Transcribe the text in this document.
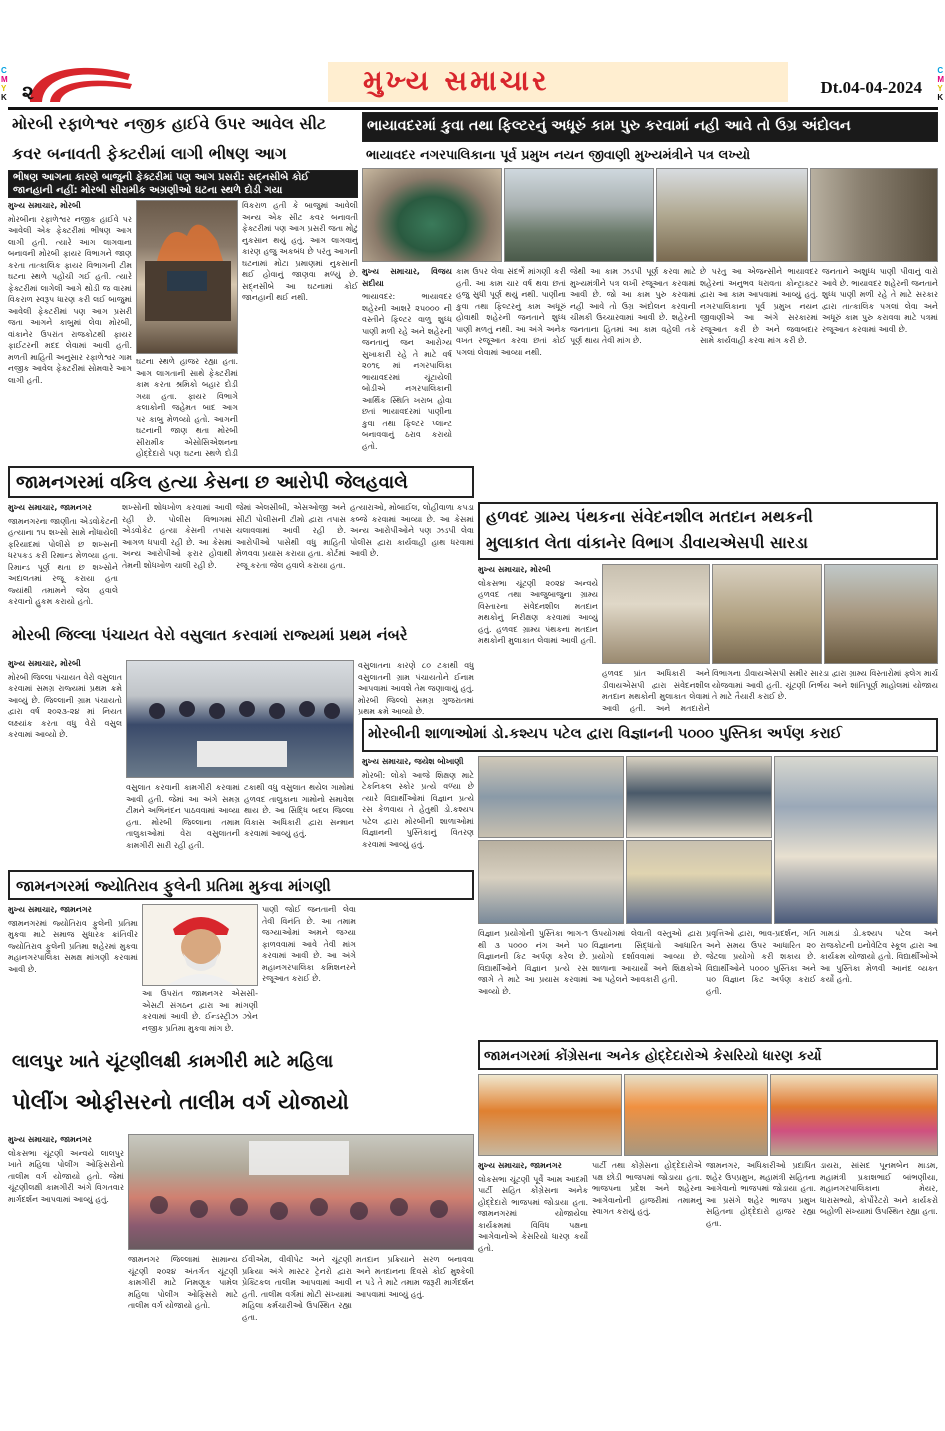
C
M
Y
K
C
M
Y
K
૨	મુખ્ય સમાચાર	Dt.04-04-2024
મોરબી રફાળેશ્વર નજીક હાઈવે ઉપર આવેલ સીટ
કવર બનાવતી ફેક્ટરીમાં લાગી ભીષણ આગ
ભીષણ આગના કારણે બાજુની ફેક્ટરીમાં પણ આગ પ્રસરી: સદ્નસીબે કોઈ
જાનહાની નહીં: મોરબી સીરામીક અગ્રણીઓ ઘટના સ્થળે દોડી ગયા
મુખ્ય સમાચાર, મોરબી
મોરબીના રફાળેશ્વર નજીક હાઈવે પર આવેલી એક ફેક્ટરીમાં ભીષણ આગ લાગી હતી. ત્યારે આગ લાગવાના બનાવની મોરબી ફાયર વિભાગને જાણ કરતા તાત્કાલિક ફાયર વિભાગની ટીમ ઘટના સ્થળે પહોંચી ગઈ હતી. ત્યારે ફેક્ટરીમાં લાગેલી આગે થોડી જ વારમાં વિકરાળ સ્વરૂપ ધારણ કરી લઈ બાજુમાં આવેલી ફેક્ટરીમાં પણ આગ પ્રસરી જતા આગને કાબુમાં લેવા મોરબી, વાંકાનેર ઉપરાંત રાજકોટથી ફાયર ફાઈટરની મદદ લેવામાં આવી હતી. મળતી માહિતી અનુસાર રફાળેશ્વર ગામ નજીક આવેલ ફેક્ટરીમાં સોમવારે આગ લાગી હતી.
ઘટના સ્થળે હાજર રહ્યા હતા. આગ લાગતાની સાથે ફેક્ટરીમાં કામ કરતા શ્રમિકો બહાર દોડી ગયા હતા. ફાયર વિભાગે કલાકોની જહેમત બાદ આગ પર કાબુ મેળવ્યો હતો. આગની ઘટનાની જાણ થતા મોરબી સીરામીક એસોસિએશનના હોદ્દેદારો પણ ઘટના સ્થળે દોડી
વિકરાળ હતી કે બાજુમાં આવેલી અન્ય એક સીટ કવર બનાવતી ફેક્ટરીમાં પણ આગ પ્રસરી જતા મોટું નુકસાન થયું હતું. આગ લાગવાનું કારણ હજુ અકબંધ છે પરંતુ આગની ઘટનામાં મોટા પ્રમાણમાં નુકસાની થઈ હોવાનું જાણવા મળ્યું છે. સદ્નસીબે આ ઘટનામાં કોઈ જાનહાની થઈ નથી.
ભાયાવદરમાં કુવા તથા ફિલ્ટરનું અધૂરું કામ પુરુ કરવામાં નહી આવે તો ઉગ્ર અંદોલન
ભાયાવદર નગરપાલિકાના પૂર્વ પ્રમુખ નયન જીવાણી મુખ્યમંત્રીને પત્ર લખ્યો
મુખ્ય સમાચાર, વિજય સદીયા
ભાયાવદર: ભાયાવદર શહેરની આશરે ૨૫૦૦૦ ની વસ્તીને ફિલ્ટર વાળુ શુધ્ધ પાણી મળી રહે અને શહેરની જનતાનું જન આરોગ્ય સુખાકારી રહે તે માટે વર્ષ ૨૦૧૬ માં નગરપાલિકા ભાયાવદરમાં ચૂંટાયેલી બોડીએ નગરપાલિકાની આર્થિક સ્થિતિ ખરાબ હોવા છતાં ભાયાવદરમાં પાણીના કુવા તથા ફિલ્ટર પ્લાન્ટ બનાવવાનું ઠરાવ કરાયો હતો.
કામ ઉપર લેવા સંદર્ભે માંગણી કરી હતી. આ કામ ચાર વર્ષ થવા છતાં હજુ સુધી પૂર્ણ થયું નથી. પાણીના કુવા તથા ફિલ્ટરનું કામ અધૂરું હોવાથી શહેરની જનતાને શુધ્ધ પાણી મળતું નથી. આ અંગે અનેક વખત રજૂઆત કરવા છતાં કોઈ પગલાં લેવામાં આવ્યા નથી.
જેથી આ કામ ઝડપી પૂર્ણ કરવા માટે મુખ્યમંત્રીને પત્ર લખી રજૂઆત કરવામાં આવી છે. જો આ કામ પુરુ કરવામાં નહી આવે તો ઉગ્ર અંદોલન કરવાની ચીમકી ઉચ્ચારવામાં આવી છે. શહેરની જનતાના હિતમાં આ કામ વહેલી તકે પૂર્ણ થાય તેવી માંગ છે.
છે પરંતુ આ એજન્સીને ભાયાવદર શહેરનાં અનુભવ ધરાવતા કોન્ટ્રાક્ટર દ્વારા આ કામ આપવામાં આવ્યું હતું. નગરપાલિકાના પૂર્વ પ્રમુખ નયન જીવાણીએ આ અંગે સરકારમાં રજૂઆત કરી છે અને જવાબદાર સામે કાર્યવાહી કરવા માંગ કરી છે.
જનતાને અશુધ્ધ પાણી પીવાનું વારો આવે છે. ભાયાવદર શહેરની જનતાને શુધ્ધ પાણી મળી રહે તે માટે સરકાર દ્વારા તાત્કાલિક પગલાં લેવા અને અધૂરું કામ પુરુ કરાવવા માટે પત્રમાં રજૂઆત કરવામાં આવી છે.
જામનગરમાં વકિલ હત્યા કેસના છ આરોપી જેલહવાલે
મુખ્ય સમાચાર, જામનગર
જામનગરના જાણીતા એડવોકેટની હત્યાના ૧૫ શખ્સો સામે નોંધાયેલી ફરિયાદમાં પોલીસે છ શખ્સની ધરપકડ કરી રિમાન્ડ મેળવ્યા હતા. રિમાન્ડ પૂર્ણ થતા છ શખ્સોને અદાલતમાં રજૂ કરાયા હતા જ્યાંથી તમામને જેલ હવાલે કરવાનો હુકમ કરાયો હતો.
શખ્સોની શોધખોળ કરવામાં આવી રહી છે. પોલીસ વિભાગમાં એડવોકેટ હત્યા કેસની તપાસ આગળ ધપાવી રહી છે. આ કેસમાં અન્ય આરોપીઓ ફરાર હોવાથી તેમની શોધખોળ ચાલી રહી છે.
જેમાં એલસીબી, એસઓજી અને સીટી પોલીસની ટીમો દ્વારા તપાસ ચલાવવામાં આવી રહી છે. આરોપીઓ પાસેથી વધુ માહિતી મેળવવા પ્રયાસ કરાયા હતા. કોર્ટમાં રજૂ કરતા જેલ હવાલે કરાયા હતા.
હત્યારાઓ, મોબાઈલ, લોહીવાળા કપડા કબ્જે કરવામાં આવ્યા છે. આ કેસમાં અન્ય આરોપીઓને પણ ઝડપી લેવા પોલીસ દ્વારા કાર્યવાહી હાથ ધરવામાં આવી છે.
હળવદ ગ્રામ્ય પંથકના સંવેદનશીલ મતદાન મથકની
મુલાકાત લેતા વાંકાનેર વિભાગ ડીવાયએસપી સારડા
મુખ્ય સમાચાર, મોરબી
લોકસભા ચૂંટણી ૨૦૨૪ અન્વયે હળવદ તથા આજુબાજુના ગ્રામ્ય વિસ્તારના સંવેદનશીલ મતદાન મથકોનું નિરીક્ષણ કરવામાં આવ્યું હતું. હળવદ ગ્રામ્ય પંથકના મતદાન મથકોની મુલાકાત લેવામાં આવી હતી.
હળવદ પ્રાંત અધિકારી અને ડીવાયએસપી દ્વારા સંવેદનશીલ મતદાન મથકોની મુલાકાત લેવામાં આવી હતી. અને મતદારોને
વિભાગના ડીવાયએસપી સમીર સારડા દ્વારા ગ્રામ્ય વિસ્તારોમાં ફ્લેગ માર્ચ યોજવામાં આવી હતી. ચૂંટણી નિર્ભય અને શાંતિપૂર્ણ માહોલમાં યોજાય તે માટે તૈયારી કરાઈ છે.
મોરબી જિલ્લા પંચાયત વેરો વસુલાત કરવામાં રાજ્યમાં પ્રથમ નંબરે
મુખ્ય સમાચાર, મોરબી
મોરબી જિલ્લા પંચાયત વેરો વસુલાત કરવામાં સમગ્ર રાજ્યમાં પ્રથમ ક્રમે આવ્યું છે. જિલ્લાની ગ્રામ પંચાયતો દ્વારા વર્ષ ૨૦૨૩-૨૪ માં નિયત લક્ષ્યાંક કરતા વધુ વેરો વસુલ કરવામાં આવ્યો છે.
વસુલાત કરવાની કામગીરી કરવામાં આવી હતી. જેમાં આ અંગે સમગ્ર ટીમને અભિનંદન પાઠવવામાં આવ્યા હતા. મોરબી જિલ્લાના તમામ તાલુકાઓમાં વેરા વસુલાતની કામગીરી સારી રહી હતી.
ટકાથી વધુ વસુલાત થયેલ ગામોમાં હળવદ તાલુકાના ગામોનો સમાવેશ થાય છે. આ સિદ્ધિ બદલ જિલ્લા વિકાસ અધિકારી દ્વારા સન્માન કરવામાં આવ્યું હતું.
વસુલાતના કારણે ૮૦ ટકાથી વધુ વસુલાતની ગ્રામ પંચાયતોને ઈનામ આપવામાં આવશે તેમ જણાવાયું હતું. મોરબી જિલ્લો સમગ્ર ગુજરાતમાં પ્રથમ ક્રમે આવ્યો છે.
મોરબીની શાળાઓમાં ડો.કશ્યપ પટેલ દ્વારા વિજ્ઞાનની ૫૦૦૦ પુસ્તિકા અર્પણ કરાઈ
મુખ્ય સમાચાર, જયેશ બોખાણી
મોરબી: લોકો આજે શિક્ષણ માટે ટેકનિકલ સ્કોર પ્રત્યે વળ્યા છે ત્યારે વિદ્યાર્થીઓમાં વિજ્ઞાન પ્રત્યે રસ કેળવાય તે હેતુથી ડો.કશ્યપ પટેલ દ્વારા મોરબીની શાળાઓમાં વિજ્ઞાનની પુસ્તિકાનું વિતરણ કરવામાં આવ્યું હતું.
વિજ્ઞાન પ્રયોગોની પુસ્તિકા ભાગ-૧ થી ૩ ૫૦૦૦ નંગ અને ૫૦ વિજ્ઞાનની કિટ અર્પણ કરેલ છે. વિદ્યાર્થીઓને વિજ્ઞાન પ્રત્યે રસ જાગે તે માટે આ પ્રયાસ કરવામાં આવ્યો છે.
ઉપયોગમાં લેવાતી વસ્તુઓ દ્વારા વિજ્ઞાનના સિદ્ધાંતો આધારિત પ્રયોગો દર્શાવવામાં આવ્યા છે. શાળાના આચાર્યો અને શિક્ષકોએ આ પહેલને આવકારી હતી.
પ્રવૃત્તિઓ દ્વારા, ભાવ-પ્રદર્શન, ગતિ અને સમય ઉપર આધારિત ૨૦ જેટલા પ્રયોગો કરી શકાય છે. વિદ્યાર્થીઓને ૫૦૦૦ પુસ્તિકા અને ૫૦ વિજ્ઞાન કિટ અર્પણ કરાઈ હતી.
ગામડાં ડો.કશ્યપ પટેલ અને રાજકોટની ઇનોવેટિવ સ્કૂલ દ્વારા આ કાર્યક્રમ યોજાયો હતો. વિદ્યાર્થીઓએ આ પુસ્તિકા મેળવી આનંદ વ્યક્ત કર્યો હતો.
જામનગરમાં જ્યોતિરાવ ફુલેની પ્રતિમા મુકવા માંગણી
મુખ્ય સમાચાર, જામનગર
જામનગરમાં જ્યોતિરાવ ફુલેની પ્રતિમા મુકવા માટે સમાજ સુધારક ક્રાંતિવીર જ્યોતિરાવ ફુલેની પ્રતિમા શહેરમાં મુકવા મહાનગરપાલિકા સમક્ષ માંગણી કરવામાં આવી છે.
આ ઉપરાંત જામનગર એસસી-એસટી સંગઠન દ્વારા આ માંગણી કરવામાં આવી છે. ઈન્ડસ્ટ્રીઝ ઝોન નજીક પ્રતિમા મુકવા માંગ છે.
પાણી જોઈ જનતાની લેવા તેવી વિનંતિ છે. આ તમામ જગ્યાઓમાં અમને જગ્યા ફાળવવામાં આવે તેવી માંગ કરવામાં આવી છે. આ અંગે મહાનગરપાલિકા કમિશનરને રજૂઆત કરાઈ છે.
જામનગરમાં કોંગ્રેસના અનેક હોદ્દેદારોએ કેસરિયો ધારણ કર્યો
મુખ્ય સમાચાર, જામનગર
લોકસભા ચૂંટણી પૂર્વે આમ આદમી પાર્ટી સહિત કોંગ્રેસના અનેક હોદ્દેદારો ભાજપમાં જોડાયા હતા. જામનગરમાં યોજાયેલા કાર્યક્રમમાં વિવિધ પક્ષના આગેવાનોએ કેસરિયો ધારણ કર્યો હતો.
પાર્ટી તથા કોંગ્રેસના હોદ્દેદારોએ પક્ષ છોડી ભાજપમાં જોડાયા હતા. ભાજપના પ્રદેશ અને શહેરના આગેવાનોની હાજરીમાં તમામનું સ્વાગત કરાયું હતું.
જામનગર, અધિકારીઓ પ્રદાધિત શહેર ઉપપ્રમુખ, મહામંત્રી સહિતના આગેવાનો ભાજપમાં જોડાયા હતા. આ પ્રસંગે શહેર ભાજપ પ્રમુખ સહિતના હોદ્દેદારો હાજર રહ્યા હતા.
ડાયરા, સાંસદ પૂનમબેન માડમ, મહામંત્રી પ્રકાશભાઈ બાંભણીયા, મહાનગરપાલિકાના મેયર, ધારાસભ્યો, કોર્પોરેટરો અને કાર્યકરો બહોળી સંખ્યામાં ઉપસ્થિત રહ્યા હતા.
લાલપુર ખાતે ચૂંટણીલક્ષી કામગીરી માટે મહિલા
પોલીંગ ઓફીસરનો તાલીમ વર્ગ યોજાયો
મુખ્ય સમાચાર, જામનગર
લોકસભા ચૂંટણી અન્વયે લાલપુર ખાતે મહિલા પોલીંગ ઓફિસરોનો તાલીમ વર્ગ યોજાયો હતો. જેમાં ચૂંટણીલક્ષી કામગીરી અંગે વિગતવાર માર્ગદર્શન આપવામાં આવ્યું હતું.
જામનગર જિલ્લામાં સામાન્ય ચૂંટણી ૨૦૨૪ અંતર્ગત ચૂંટણી કામગીરી માટે નિમણૂક પામેલ મહિલા પોલીંગ ઓફિસરો માટે તાલીમ વર્ગ યોજાયો હતો.
ઈવીએમ, વીવીપેટ અને ચૂંટણી પ્રક્રિયા અંગે માસ્ટર ટ્રેનરો દ્વારા પ્રેક્ટિકલ તાલીમ આપવામાં આવી હતી. તાલીમ વર્ગમાં મોટી સંખ્યામાં મહિલા કર્મચારીઓ ઉપસ્થિત રહ્યા હતા.
મતદાન પ્રક્રિયાને સરળ બનાવવા અને મતદાનના દિવસે કોઈ મુશ્કેલી ન પડે તે માટે તમામ જરૂરી માર્ગદર્શન આપવામાં આવ્યું હતું.
